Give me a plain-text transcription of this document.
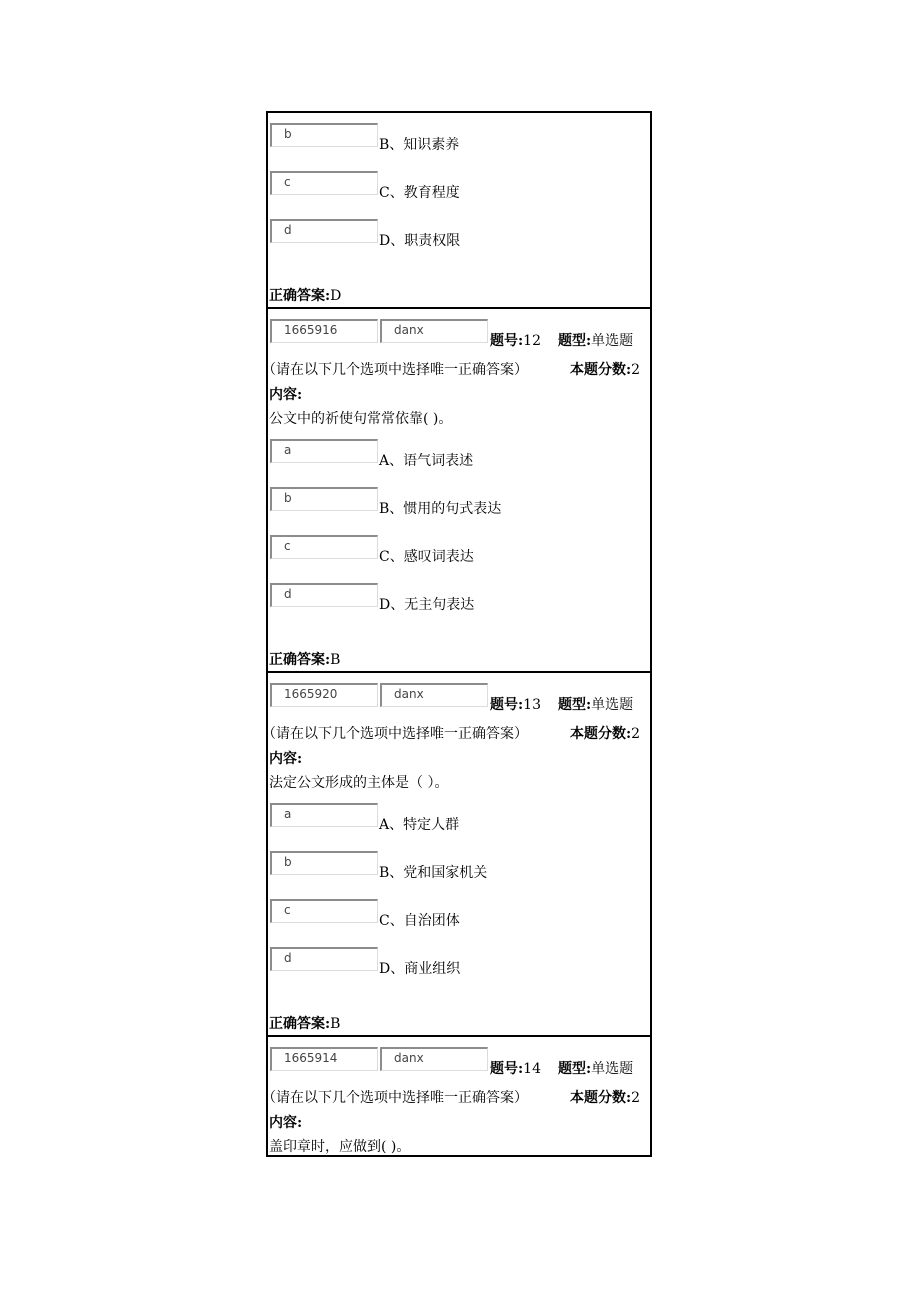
b
B、知识素养
c
C、教育程度
d
D、职责权限
正确答案:D
1665916	danx
题号:12 题型:单选题
（请在以下几个选项中选择唯一正确答案）	本题分数:2
内容:
公文中的祈使句常常依靠( )。
a
A、语气词表述
b
B、惯用的句式表达
c
C、感叹词表达
d
D、无主句表达
正确答案:B
1665920	danx
题号:13 题型:单选题
（请在以下几个选项中选择唯一正确答案）	本题分数:2
内容:
法定公文形成的主体是（ ）。
a
A、特定人群
b
B、党和国家机关
c
C、自治团体
d
D、商业组织
正确答案:B
1665914	danx
题号:14 题型:单选题
（请在以下几个选项中选择唯一正确答案）	本题分数:2
内容:
盖印章时，应做到( )。
